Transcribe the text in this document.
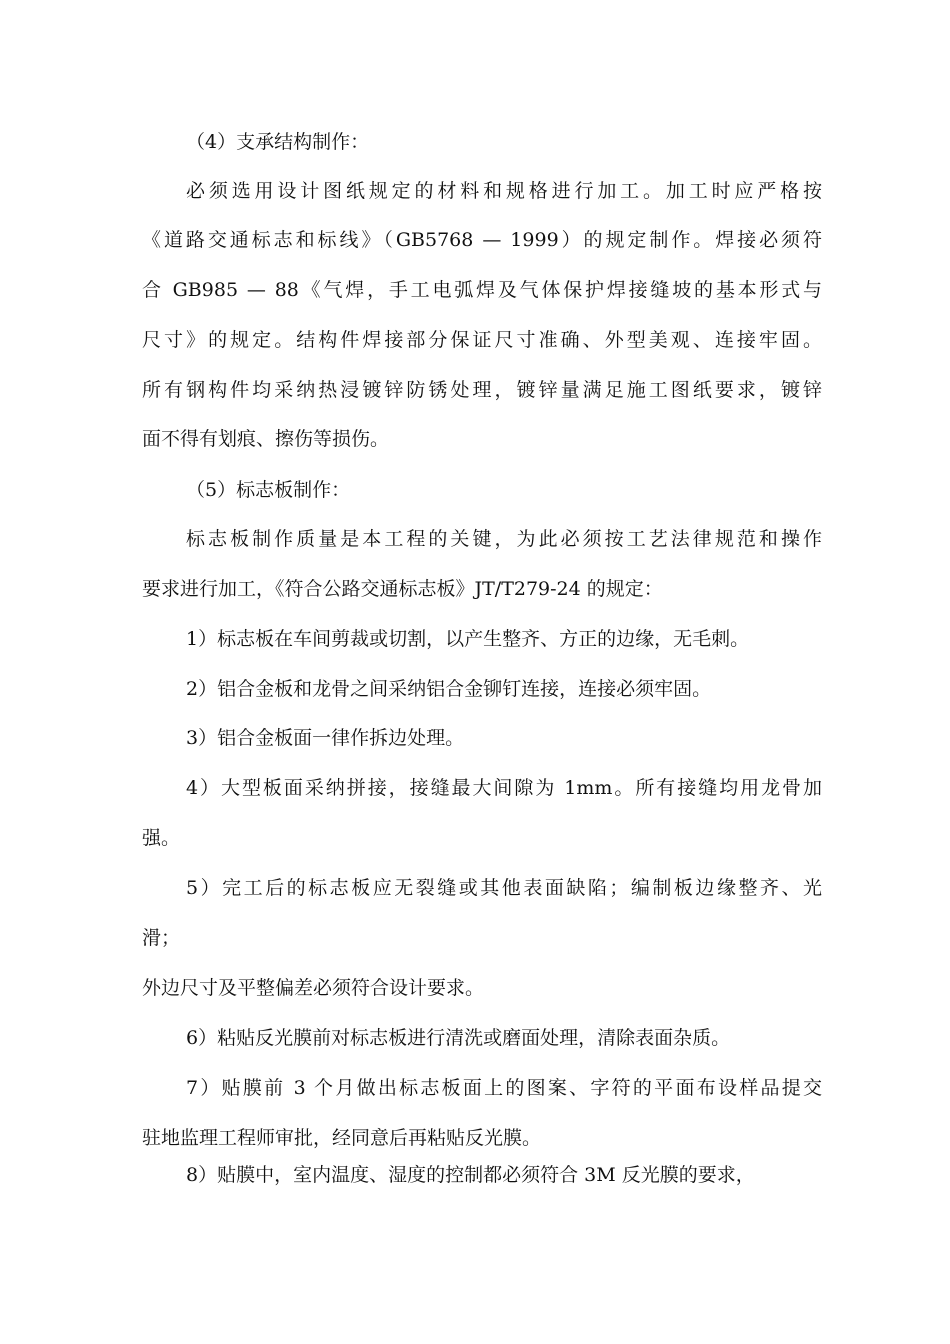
（4）支承结构制作：
必须选用设计图纸规定的材料和规格进行加工。加工时应严格按
《道路交通标志和标线》（GB5768 — 1999）的规定制作。焊接必须符
合 GB985 — 88《气焊，手工电弧焊及气体保护焊接缝坡的基本形式与
尺寸》的规定。结构件焊接部分保证尺寸准确、外型美观、连接牢固。
所有钢构件均采纳热浸镀锌防锈处理，镀锌量满足施工图纸要求，镀锌
面不得有划痕、擦伤等损伤。
（5）标志板制作：
标志板制作质量是本工程的关键，为此必须按工艺法律规范和操作
要求进行加工，《符合公路交通标志板》JT/T279-24 的规定：
1）标志板在车间剪裁或切割，以产生整齐、方正的边缘，无毛刺。
2）铝合金板和龙骨之间采纳铝合金铆钉连接，连接必须牢固。
3）铝合金板面一律作拆边处理。
4）大型板面采纳拼接，接缝最大间隙为 1mm。所有接缝均用龙骨加
强。
5）完工后的标志板应无裂缝或其他表面缺陷；编制板边缘整齐、光
滑；
外边尺寸及平整偏差必须符合设计要求。
6）粘贴反光膜前对标志板进行清洗或磨面处理，清除表面杂质。
7）贴膜前 3 个月做出标志板面上的图案、字符的平面布设样品提交
驻地监理工程师审批，经同意后再粘贴反光膜。
8）贴膜中，室内温度、湿度的控制都必须符合 3M 反光膜的要求，
